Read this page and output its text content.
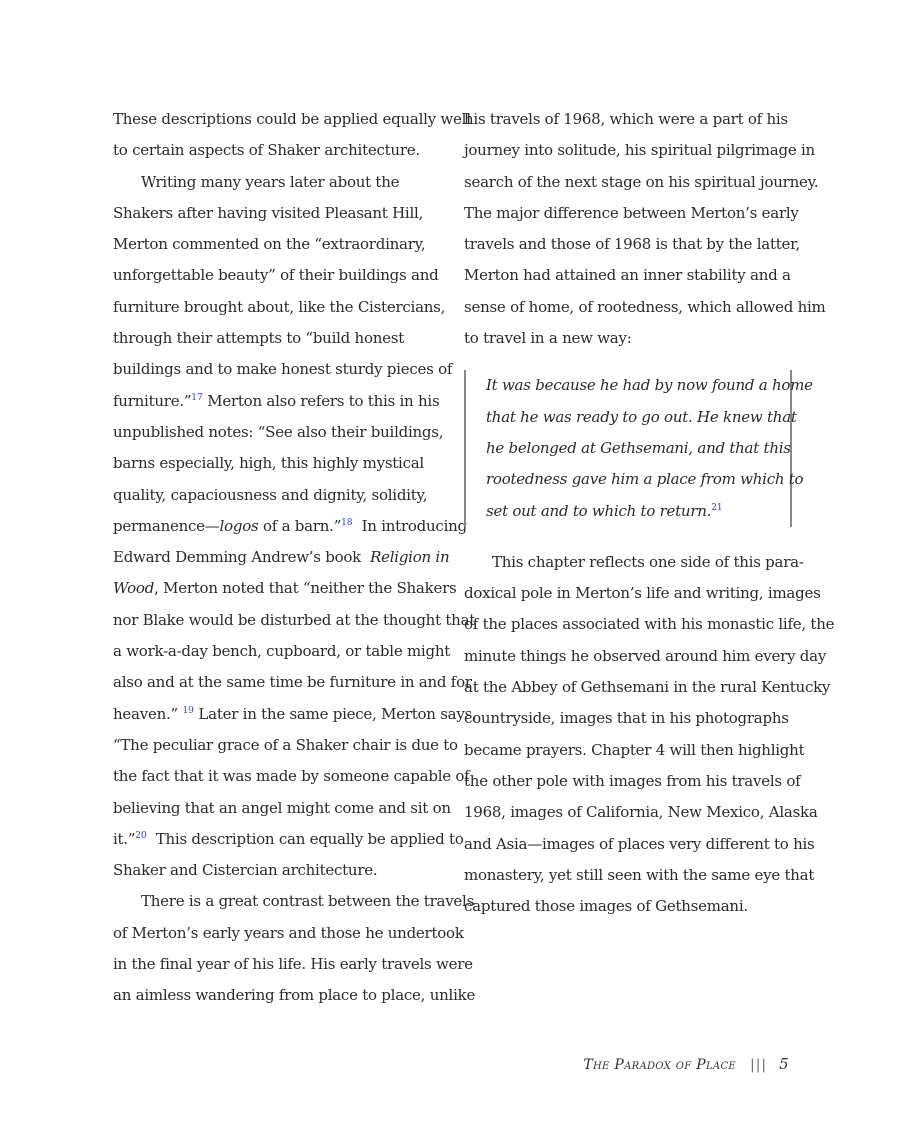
These descriptions could be applied equally well
to certain aspects of Shaker architecture.
Writing many years later about the
Shakers after having visited Pleasant Hill,
Merton commented on the “extraordinary,
unforgettable beauty” of their buildings and
furniture brought about, like the Cistercians,
through their attempts to “build honest
buildings and to make honest sturdy pieces of
furniture.”$^{17}$ Merton also refers to this in his
unpublished notes: “See also their buildings,
barns especially, high, this highly mystical
quality, capaciousness and dignity, solidity,
permanence—logos of a barn.”$^{18}$  In introducing
Edward Demming Andrew’s book  Religion in
Wood, Merton noted that “neither the Shakers
nor Blake would be disturbed at the thought that
a work-a-day bench, cupboard, or table might
also and at the same time be furniture in and for
heaven.” $^{19}$ Later in the same piece, Merton says,
“The peculiar grace of a Shaker chair is due to
the fact that it was made by someone capable of
believing that an angel might come and sit on
it.”$^{20}$  This description can equally be applied to
Shaker and Cistercian architecture.
There is a great contrast between the travels
of Merton’s early years and those he undertook
in the final year of his life. His early travels were
an aimless wandering from place to place, unlike
his travels of 1968, which were a part of his
journey into solitude, his spiritual pilgrimage in
search of the next stage on his spiritual journey.
The major difference between Merton’s early
travels and those of 1968 is that by the latter,
Merton had attained an inner stability and a
sense of home, of rootedness, which allowed him
to travel in a new way:
It was because he had by now found a home
that he was ready to go out. He knew that
he belonged at Gethsemani, and that this
rootedness gave him a place from which to
set out and to which to return.$^{21}$
This chapter reflects one side of this para-
doxical pole in Merton’s life and writing, images
of the places associated with his monastic life, the
minute things he observed around him every day
at the Abbey of Gethsemani in the rural Kentucky
countryside, images that in his photographs
became prayers. Chapter 4 will then highlight
the other pole with images from his travels of
1968, images of California, New Mexico, Alaska
and Asia—images of places very different to his
monastery, yet still seen with the same eye that
captured those images of Gethsemani.
The Paradox of Place ||| 5
